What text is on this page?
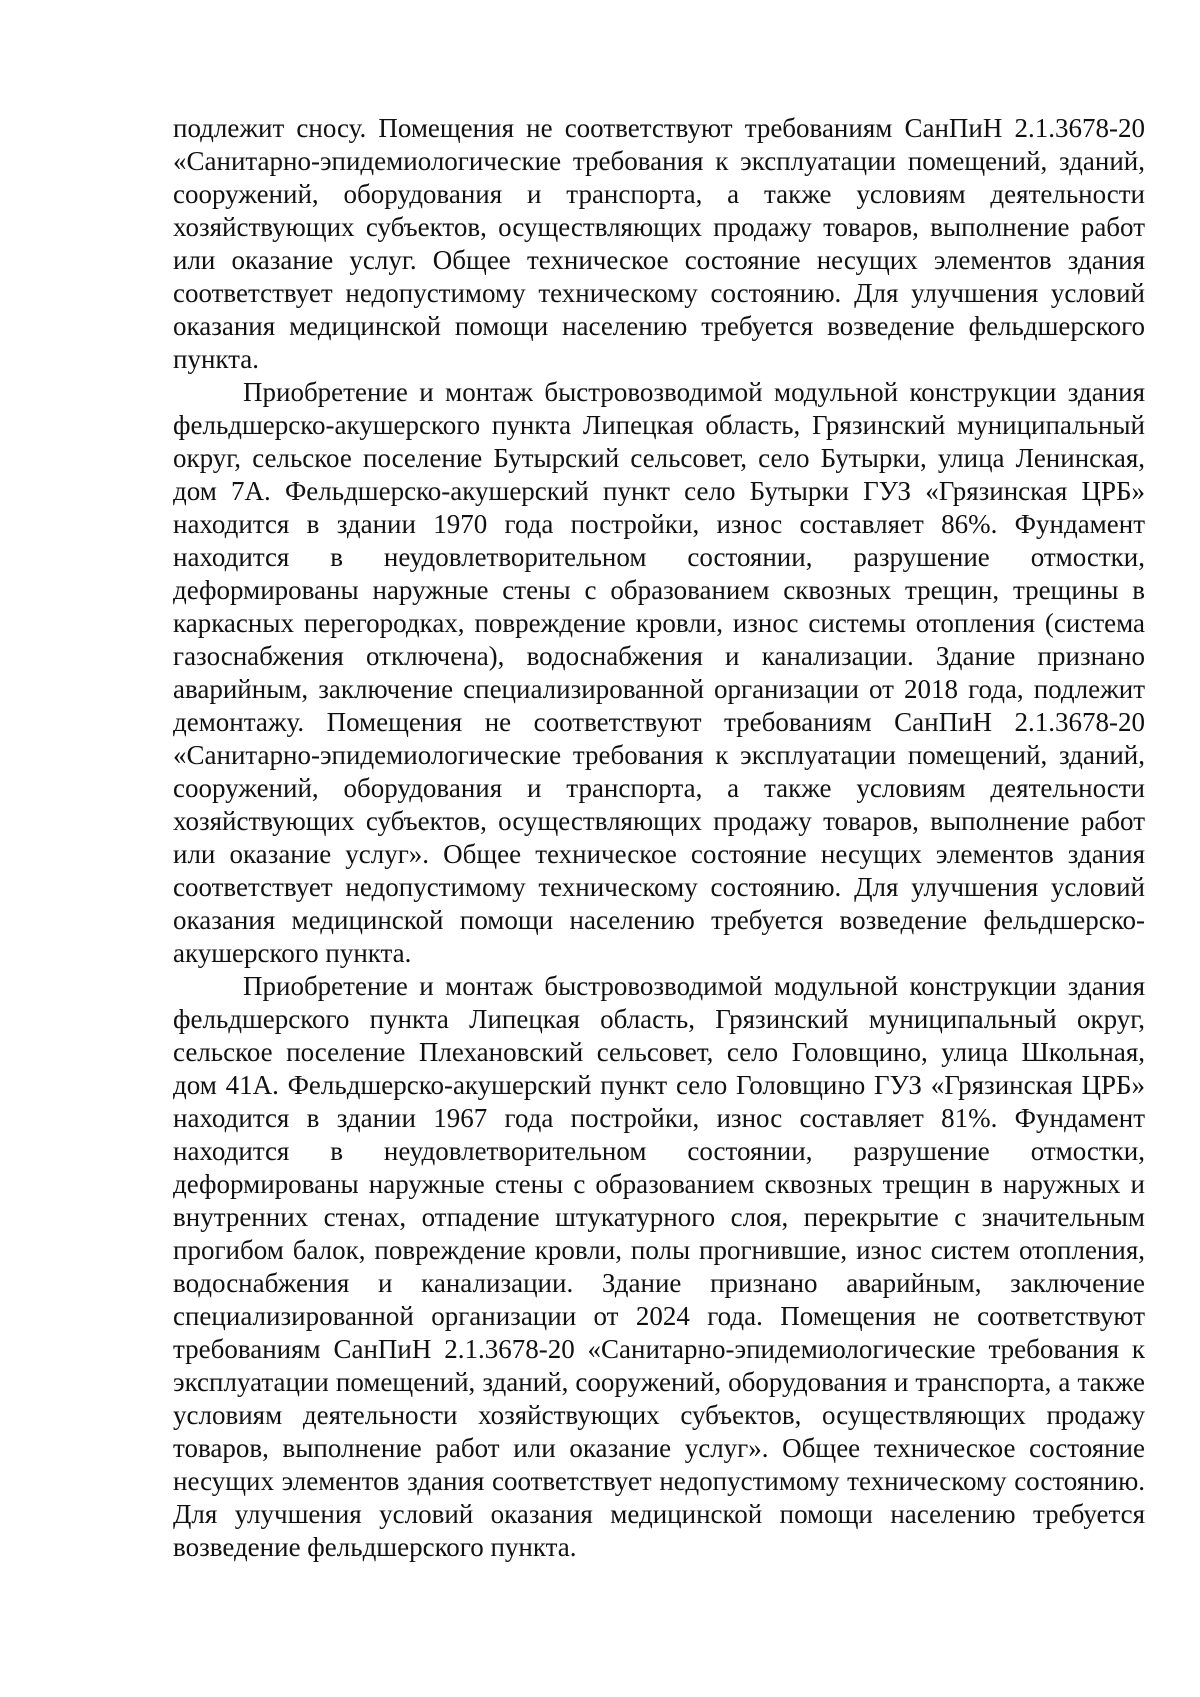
подлежит сносу. Помещения не соответствуют требованиям СанПиН 2.1.3678-20 «Санитарно-эпидемиологические требования к эксплуатации помещений, зданий, сооружений, оборудования и транспорта, а также условиям деятельности хозяйствующих субъектов, осуществляющих продажу товаров, выполнение работ или оказание услуг. Общее техническое состояние несущих элементов здания соответствует недопустимому техническому состоянию. Для улучшения условий оказания медицинской помощи населению требуется возведение фельдшерского пункта.

Приобретение и монтаж быстровозводимой модульной конструкции здания фельдшерско-акушерского пункта Липецкая область, Грязинский муниципальный округ, сельское поселение Бутырский сельсовет, село Бутырки, улица Ленинская, дом 7А. Фельдшерско-акушерский пункт село Бутырки ГУЗ «Грязинская ЦРБ» находится в здании 1970 года постройки, износ составляет 86%. Фундамент находится в неудовлетворительном состоянии, разрушение отмостки, деформированы наружные стены с образованием сквозных трещин, трещины в каркасных перегородках, повреждение кровли, износ системы отопления (система газоснабжения отключена), водоснабжения и канализации. Здание признано аварийным, заключение специализированной организации от 2018 года, подлежит демонтажу. Помещения не соответствуют требованиям СанПиН 2.1.3678-20 «Санитарно-эпидемиологические требования к эксплуатации помещений, зданий, сооружений, оборудования и транспорта, а также условиям деятельности хозяйствующих субъектов, осуществляющих продажу товаров, выполнение работ или оказание услуг». Общее техническое состояние несущих элементов здания соответствует недопустимому техническому состоянию. Для улучшения условий оказания медицинской помощи населению требуется возведение фельдшерско-акушерского пункта.

Приобретение и монтаж быстровозводимой модульной конструкции здания фельдшерского пункта Липецкая область, Грязинский муниципальный округ, сельское поселение Плехановский сельсовет, село Головщино, улица Школьная, дом 41А. Фельдшерско-акушерский пункт село Головщино ГУЗ «Грязинская ЦРБ» находится в здании 1967 года постройки, износ составляет 81%. Фундамент находится в неудовлетворительном состоянии, разрушение отмостки, деформированы наружные стены с образованием сквозных трещин в наружных и внутренних стенах, отпадение штукатурного слоя, перекрытие с значительным прогибом балок, повреждение кровли, полы прогнившие, износ систем отопления, водоснабжения и канализации. Здание признано аварийным, заключение специализированной организации от 2024 года. Помещения не соответствуют требованиям СанПиН 2.1.3678-20 «Санитарно-эпидемиологические требования к эксплуатации помещений, зданий, сооружений, оборудования и транспорта, а также условиям деятельности хозяйствующих субъектов, осуществляющих продажу товаров, выполнение работ или оказание услуг». Общее техническое состояние несущих элементов здания соответствует недопустимому техническому состоянию. Для улучшения условий оказания медицинской помощи населению требуется возведение фельдшерского пункта.
